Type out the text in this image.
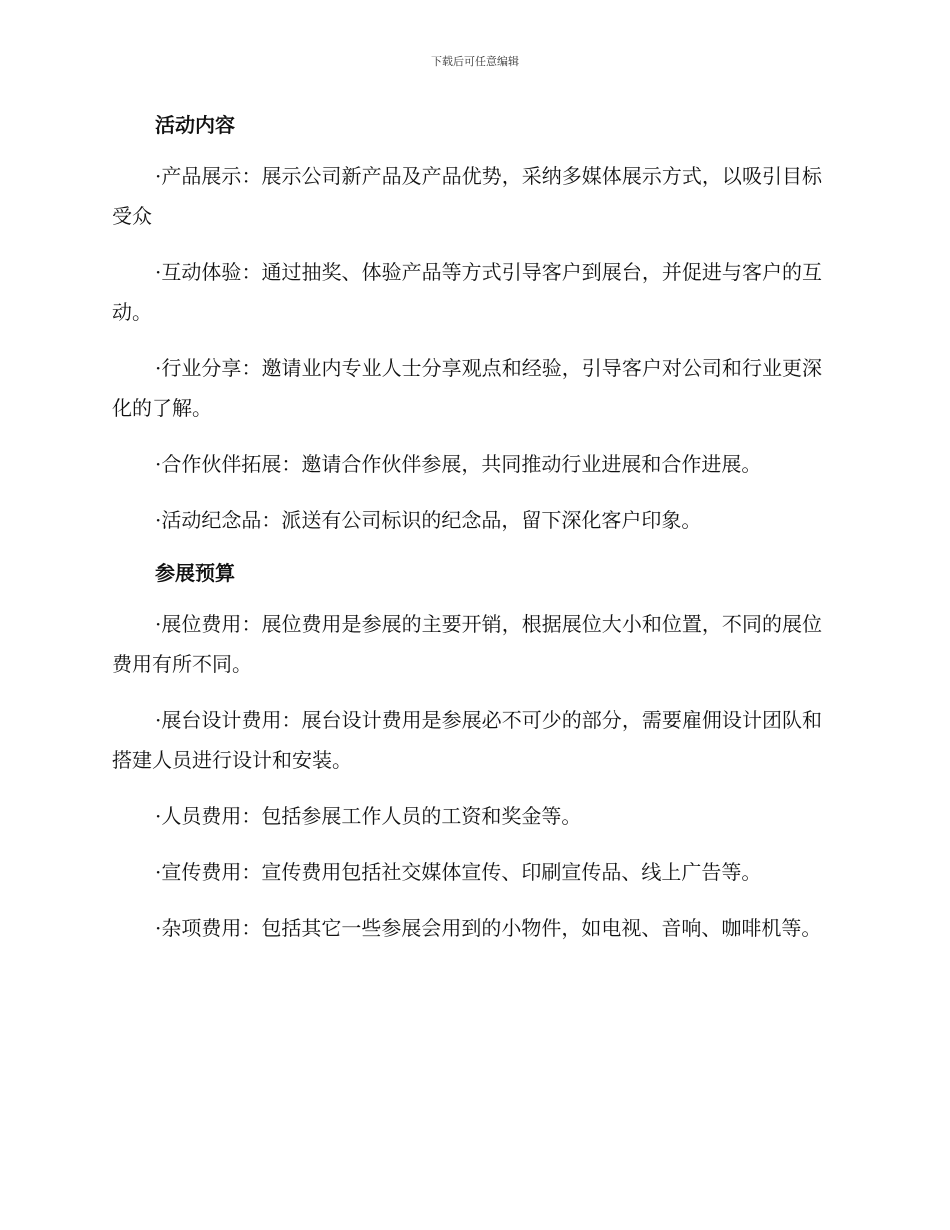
下载后可任意编辑
活动内容

·产品展示：展示公司新产品及产品优势，采纳多媒体展示方式，以吸引目标受众

·互动体验：通过抽奖、体验产品等方式引导客户到展台，并促进与客户的互动。

·行业分享：邀请业内专业人士分享观点和经验，引导客户对公司和行业更深化的了解。

·合作伙伴拓展：邀请合作伙伴参展，共同推动行业进展和合作进展。

·活动纪念品：派送有公司标识的纪念品，留下深化客户印象。

参展预算

·展位费用：展位费用是参展的主要开销，根据展位大小和位置，不同的展位费用有所不同。

·展台设计费用：展台设计费用是参展必不可少的部分，需要雇佣设计团队和搭建人员进行设计和安装。

·人员费用：包括参展工作人员的工资和奖金等。

·宣传费用：宣传费用包括社交媒体宣传、印刷宣传品、线上广告等。

·杂项费用：包括其它一些参展会用到的小物件，如电视、音响、咖啡机等。
